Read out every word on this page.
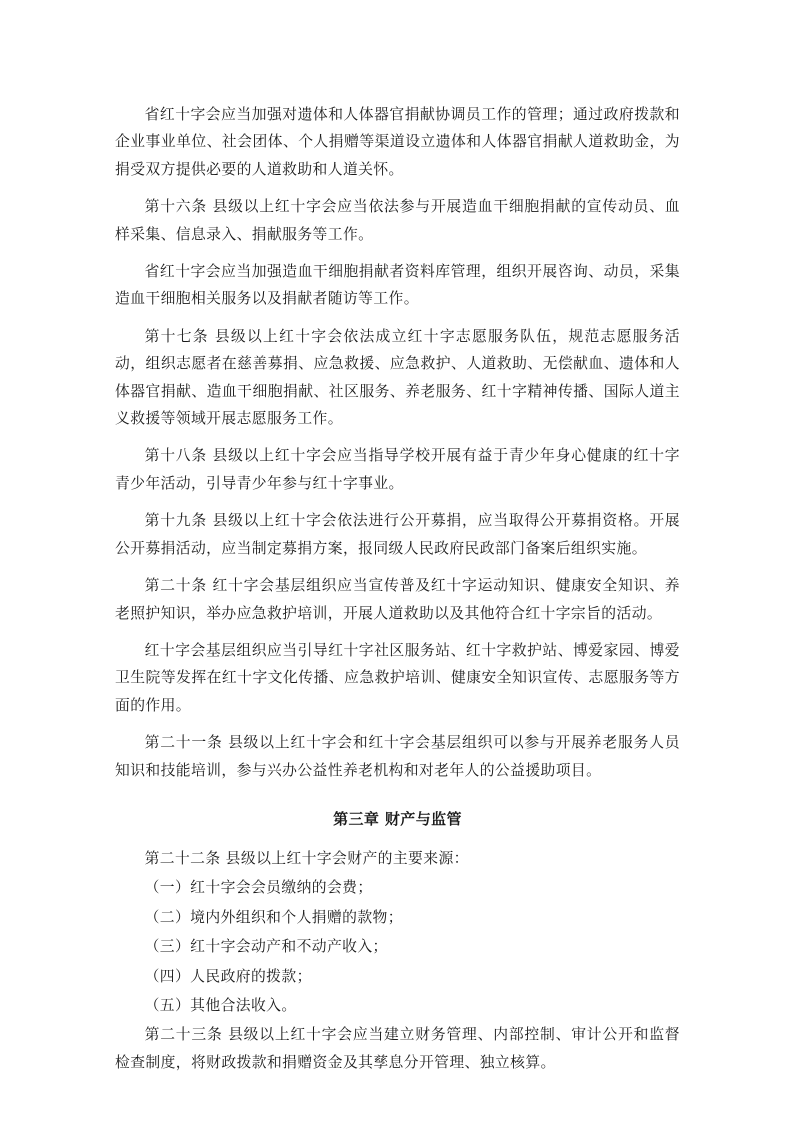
省红十字会应当加强对遗体和人体器官捐献协调员工作的管理；通过政府拨款和企业事业单位、社会团体、个人捐赠等渠道设立遗体和人体器官捐献人道救助金，为捐受双方提供必要的人道救助和人道关怀。

第十六条 县级以上红十字会应当依法参与开展造血干细胞捐献的宣传动员、血样采集、信息录入、捐献服务等工作。

省红十字会应当加强造血干细胞捐献者资料库管理，组织开展咨询、动员，采集造血干细胞相关服务以及捐献者随访等工作。

第十七条 县级以上红十字会依法成立红十字志愿服务队伍，规范志愿服务活动，组织志愿者在慈善募捐、应急救援、应急救护、人道救助、无偿献血、遗体和人体器官捐献、造血干细胞捐献、社区服务、养老服务、红十字精神传播、国际人道主义救援等领域开展志愿服务工作。

第十八条 县级以上红十字会应当指导学校开展有益于青少年身心健康的红十字青少年活动，引导青少年参与红十字事业。

第十九条 县级以上红十字会依法进行公开募捐，应当取得公开募捐资格。开展公开募捐活动，应当制定募捐方案，报同级人民政府民政部门备案后组织实施。

第二十条 红十字会基层组织应当宣传普及红十字运动知识、健康安全知识、养老照护知识，举办应急救护培训，开展人道救助以及其他符合红十字宗旨的活动。

红十字会基层组织应当引导红十字社区服务站、红十字救护站、博爱家园、博爱卫生院等发挥在红十字文化传播、应急救护培训、健康安全知识宣传、志愿服务等方面的作用。

第二十一条 县级以上红十字会和红十字会基层组织可以参与开展养老服务人员知识和技能培训，参与兴办公益性养老机构和对老年人的公益援助项目。

第三章 财产与监管

第二十二条 县级以上红十字会财产的主要来源：

（一）红十字会会员缴纳的会费；

（二）境内外组织和个人捐赠的款物；

（三）红十字会动产和不动产收入；

（四）人民政府的拨款；

（五）其他合法收入。

第二十三条 县级以上红十字会应当建立财务管理、内部控制、审计公开和监督检查制度，将财政拨款和捐赠资金及其孳息分开管理、独立核算。
